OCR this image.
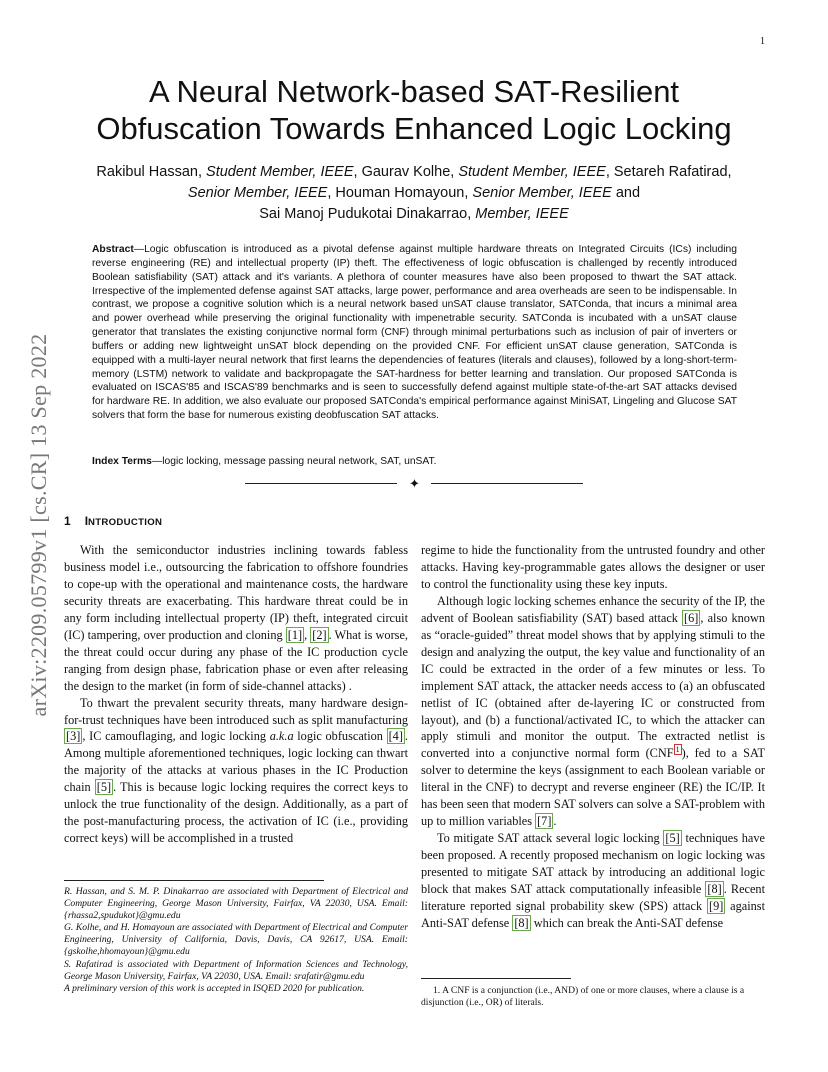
1
arXiv:2209.05799v1 [cs.CR] 13 Sep 2022
A Neural Network-based SAT-Resilient
Obfuscation Towards Enhanced Logic Locking
Rakibul Hassan, Student Member, IEEE, Gaurav Kolhe, Student Member, IEEE, Setareh Rafatirad,
Senior Member, IEEE, Houman Homayoun, Senior Member, IEEE and
Sai Manoj Pudukotai Dinakarrao, Member, IEEE
Abstract—Logic obfuscation is introduced as a pivotal defense against multiple hardware threats on Integrated Circuits (ICs) including reverse engineering (RE) and intellectual property (IP) theft. The effectiveness of logic obfuscation is challenged by recently introduced Boolean satisfiability (SAT) attack and it's variants. A plethora of counter measures have also been proposed to thwart the SAT attack. Irrespective of the implemented defense against SAT attacks, large power, performance and area overheads are seen to be indispensable. In contrast, we propose a cognitive solution which is a neural network based unSAT clause translator, SATConda, that incurs a minimal area and power overhead while preserving the original functionality with impenetrable security. SATConda is incubated with a unSAT clause generator that translates the existing conjunctive normal form (CNF) through minimal perturbations such as inclusion of pair of inverters or buffers or adding new lightweight unSAT block depending on the provided CNF. For efficient unSAT clause generation, SATConda is equipped with a multi-layer neural network that first learns the dependencies of features (literals and clauses), followed by a long-short-term-memory (LSTM) network to validate and backpropagate the SAT-hardness for better learning and translation. Our proposed SATConda is evaluated on ISCAS'85 and ISCAS'89 benchmarks and is seen to successfully defend against multiple state-of-the-art SAT attacks devised for hardware RE. In addition, we also evaluate our proposed SATConda's empirical performance against MiniSAT, Lingeling and Glucose SAT solvers that form the base for numerous existing deobfuscation SAT attacks.
Index Terms—logic locking, message passing neural network, SAT, unSAT.
✦
1 INTRODUCTION

With the semiconductor industries inclining towards fabless business model i.e., outsourcing the fabrication to offshore foundries to cope-up with the operational and maintenance costs, the hardware security threats are exacerbating. This hardware threat could be in any form including intellectual property (IP) theft, integrated circuit (IC) tampering, over production and cloning [1] , [2] . What is worse, the threat could occur during any phase of the IC production cycle ranging from design phase, fabrication phase or even after releasing the design to the market (in form of side-channel attacks) .

To thwart the prevalent security threats, many hardware design-for-trust techniques have been introduced such as split manufacturing [3] , IC camouflaging, and logic locking a.k.a logic obfuscation [4] . Among multiple aforementioned techniques, logic locking can thwart the majority of the attacks at various phases in the IC Production chain [5] . This is because logic locking requires the correct keys to unlock the true functionality of the design. Additionally, as a part of the post-manufacturing process, the activation of IC (i.e., providing correct keys) will be accomplished in a trusted

regime to hide the functionality from the untrusted foundry and other attacks. Having key-programmable gates allows the designer or user to control the functionality using these key inputs.

Although logic locking schemes enhance the security of the IP, the advent of Boolean satisfiability (SAT) based attack [6] , also known as “oracle-guided” threat model shows that by applying stimuli to the design and analyzing the output, the key value and functionality of an IC could be extracted in the order of a few minutes or less. To implement SAT attack, the attacker needs access to (a) an obfuscated netlist of IC (obtained after de-layering IC or constructed from layout), and (b) a functional/activated IC, to which the attacker can apply stimuli and monitor the output. The extracted netlist is converted into a conjunctive normal form (CNF $^1$ ), fed to a SAT solver to determine the keys (assignment to each Boolean variable or literal in the CNF) to decrypt and reverse engineer (RE) the IC/IP. It has been seen that modern SAT solvers can solve a SAT-problem with up to million variables [7] .

To mitigate SAT attack several logic locking [5] techniques have been proposed. A recently proposed mechanism on logic locking was presented to mitigate SAT attack by introducing an additional logic block that makes SAT attack computationally infeasible [8] . Recent literature reported signal probability skew (SPS) attack [9] against Anti-SAT defense [8] which can break the Anti-SAT defense

R. Hassan, and S. M. P. Dinakarrao are associated with Department of Electrical and Computer Engineering, George Mason University, Fairfax, VA 22030, USA. Email: {rhassa2,spudukot}@gmu.edu

G. Kolhe, and H. Homayoun are associated with Department of Electrical and Computer Engineering, University of California, Davis, Davis, CA 92617, USA. Email: {gskolhe,hhomayoun}@gmu.edu

S. Rafatirad is associated with Department of Information Sciences and Technology, George Mason University, Fairfax, VA 22030, USA. Email: srafatir@gmu.edu

A preliminary version of this work is accepted in ISQED 2020 for publication.	1. A CNF is a conjunction (i.e., AND) of one or more clauses, where a clause is a disjunction (i.e., OR) of literals.
